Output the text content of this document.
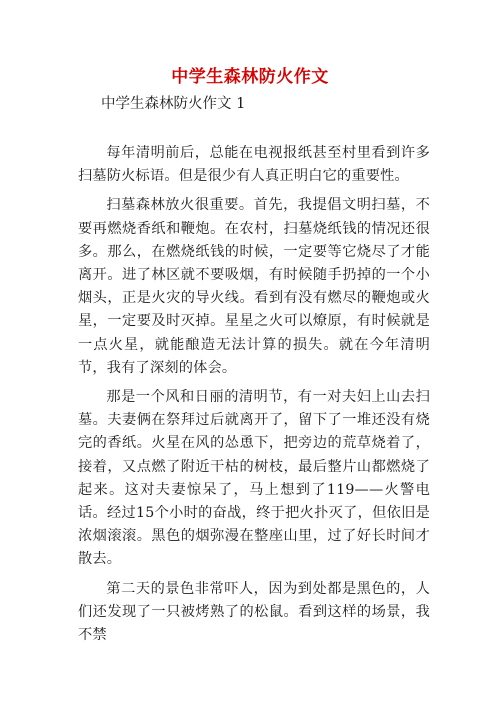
中学生森林防火作文
中学生森林防火作文 1

每年清明前后，总能在电视报纸甚至村里看到许多扫墓防火标语。但是很少有人真正明白它的重要性。

扫墓森林放火很重要。首先，我提倡文明扫墓，不要再燃烧香纸和鞭炮。在农村，扫墓烧纸钱的情况还很多。那么，在燃烧纸钱的时候，一定要等它烧尽了才能离开。进了林区就不要吸烟，有时候随手扔掉的一个小烟头，正是火灾的导火线。看到有没有燃尽的鞭炮或火星，一定要及时灭掉。星星之火可以燎原，有时候就是一点火星，就能酿造无法计算的损失。就在今年清明节，我有了深刻的体会。

那是一个风和日丽的清明节，有一对夫妇上山去扫墓。夫妻俩在祭拜过后就离开了，留下了一堆还没有烧完的香纸。火星在风的怂恿下，把旁边的荒草烧着了，接着，又点燃了附近干枯的树枝，最后整片山都燃烧了起来。这对夫妻惊呆了，马上想到了119——火警电话。经过15个小时的奋战，终于把火扑灭了，但依旧是浓烟滚滚。黑色的烟弥漫在整座山里，过了好长时间才散去。

第二天的景色非常吓人，因为到处都是黑色的，人们还发现了一只被烤熟了的松鼠。看到这样的场景，我不禁
